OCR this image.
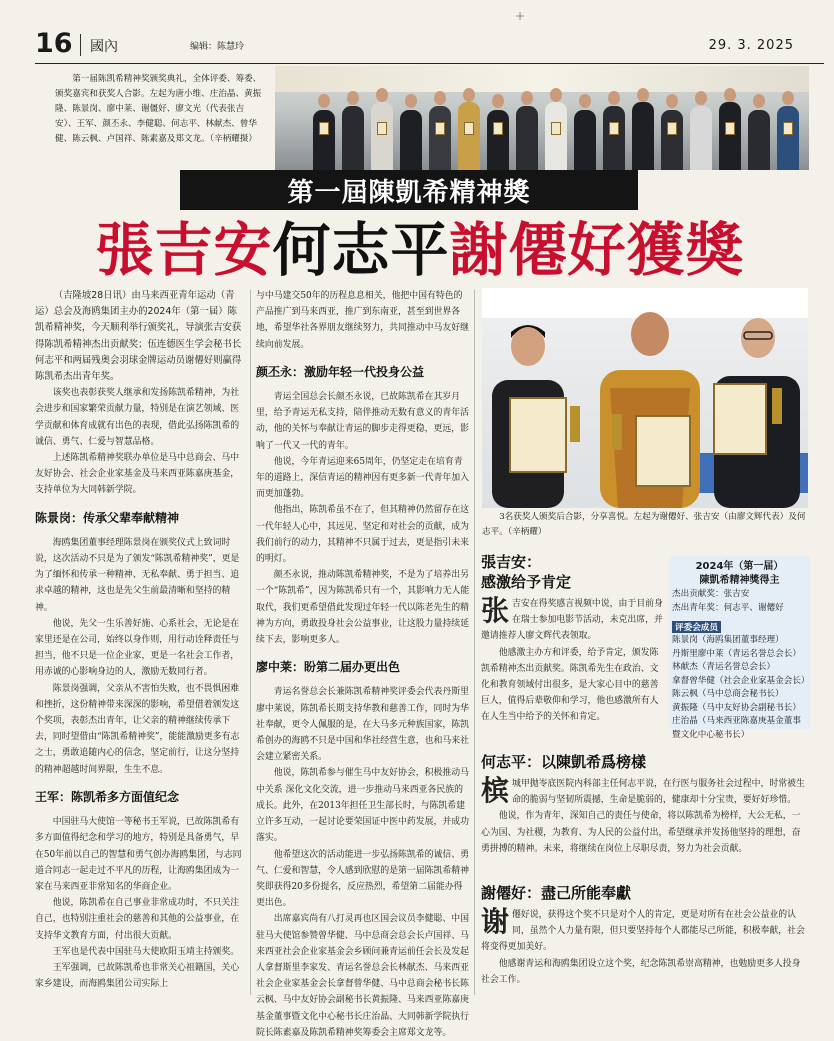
+
16 國內	编辑：陈慧玲	29. 3. 2025
第一届陈凯希精神奖颁奖典礼，全体评委、筹委、颁奖嘉宾和获奖人合影。左起为唐小维、庄治晶、黄振隆、陈景岗、廖中莱、谢僵好、廖文光（代表张吉安）、王军、颜丕永、李健聪、何志平、林献杰、曾华健、陈云枫、卢国祥、陈素嘉及郑文龙。（辛柄耀摄）
第一屆陳凱希精神獎
張吉安何志平謝僊好獲獎

（吉隆坡28日讯）由马来西亚青年运动（青运）总会及海鸥集团主办的2024年（第一届）陈凯希精神奖，今天顺利举行颁奖礼，导演张吉安获得陈凯希精神杰出贡献奖；伍连德医生学会秘书长何志平和两届残奥会羽球金牌运动员谢僊好则赢得陈凯希杰出青年奖。

该奖也表彰获奖人继承和发扬陈凯希精神，为社会进步和国家繁荣贡献力量，特别是在演艺领域、医学贡献和体育成就有出色的表现，借此弘扬陈凯希的诚信、勇气、仁爱与智慧品格。

上述陈凯希精神奖联办单位是马中总商会、马中友好协会、社会企业家基金及马来西亚陈嘉庚基金，支持单位为大同韩新学院。

陈景岗：传承父辈奉献精神

海鸥集团董事经理陈景岗在颁奖仪式上致词时说，这次活动不只是为了颁发“陈凯希精神奖”，更是为了缅怀和传承一种精神、无私奉献、勇于担当、追求卓越的精神，这也是先父生前最清晰和坚持的精神。

他说，先父一生乐善好施、心系社会，无论是在家里还是在公司，始终以身作则，用行动诠释责任与担当，他不只是一位企业家，更是一名社会工作者，用赤诚的心影响身边的人，激励无数同行者。

陈景岗强调，父亲从不害怕失败，也不畏惧困难和挫折，这份精神带来深深的影响，希望借着颁发这个奖项，表彰杰出青年，让父亲的精神继续传承下去，同时望借由“陈凯希精神奖”，能能激励更多有志之士，勇敢追随内心的信念，坚定前行，让这分坚持的精神超越时间界限，生生不息。

王军：陈凯希多方面值纪念

中国驻马大使馆一等秘书王军说，已故陈凯希有多方面值得纪念和学习的地方，特别是具备勇气，早在50年前以自己的智慧和勇气创办海鸥集团，与志同道合同志一起走过不平凡的历程，让海鸥集团成为一家在马来西亚非常知名的华商企业。

他说，陈凯希在自己事业非常成功时，不只关注自己，也特别注重社会的慈善和其他的公益事业，在支持华文教育方面，付出很大贡献。

王军也是代表中国驻马大使欧阳玉靖主持颁奖。

王军强调，已故陈凯希也非常关心祖籍国，关心家乡建设，而海鸥集团公司实际上

与中马建交50年的历程息息相关，他把中国有特色的产品推广到马来西亚，推广到东南亚，甚至到世界各地，希望华社各界朋友继续努力，共同推动中马友好继续向前发展。

颜丕永：激励年轻一代投身公益

青运全国总会长颜丕永说，已故陈凯希在其岁月里，给予青运无私支持，陪伴推动无数有意义的青年活动，他的关怀与奉献让青运的脚步走得更稳，更远，影响了一代又一代的青年。

他说，今年青运迎来65周年，仍坚定走在培育青年的道路上，深信青运的精神因有更多新一代青年加入而更加蓬勃。

他指出，陈凯希虽不在了，但其精神仍然留存在这一代年轻人心中，其远见、坚定和对社会的贡献，成为我们前行的动力，其精神不只属于过去，更是指引未来的明灯。

颜丕永说，推动陈凯希精神奖，不是为了培养出另一个“陈凯希”，因为陈凯希只有一个，其影响力无人能取代，我们更希望借此发现过年轻一代以陈老先生的精神为方向，勇敢投身社会公益事业，让这股力量持续延续下去，影响更多人。

廖中莱：盼第二届办更出色

青运名誉总会长兼陈凯希精神奖评委会代表丹斯里廖中莱说，陈凯希长期支持华教和慈善工作，同时为华社奉献，更令人佩服的是，在大马多元种族国家，陈凯希创办的海鸥不只是中国和华社经营生意，也和马来社会建立紧密关系。

他说，陈凯希参与催生马中友好协会，积极推动马中关系 深化文化交流，进一步推动马来西亚各民族的成长。此外，在2013年担任卫生部长时，与陈凯希建立许多互动，一起讨论要荣国证中医中药发展，并成功落实。

他希望这次的活动能进一步弘扬陈凯希的诚信、勇气、仁爱和智慧，令人感到欣慰的是第一届陈凯希精神奖即获得20多份提名，反应热烈，希望第二届能办得更出色。

出席嘉宾尚有八打灵再也区国会议员李健聪、中国驻马大使馆参赞曾华健、马中总商会总会长卢国祥、马来西亚社会企业家基金会乡顾问兼青运前任会长及发起人拿督斯里李家发、青运名誉总会长林献杰、马来西亚社会企业家基金会长拿督曾华健、马中总商会秘书长陈云枫、马中友好协会副秘书长黄振隆、马来西亚陈嘉庚基金董事暨文化中心秘书长庄治晶、大同韩新学院执行院长陈素嘉及陈凯希精神奖筹委会主席郑文龙等。

3名获奖人颁奖后合影，分享喜悦。左起为谢僊好、张吉安（由廖文辉代表）及何志平。（辛柄耀）
張吉安：
感激给予肯定
张 吉安在得奖感言视频中说，由于目前身在瑞士参加电影节活动，未克出席，并邀请推荐人廖文辉代表领取。

他感激主办方和评委，给予肯定，颁发陈凯希精神杰出贡献奖。陈凯希先生在政治、文化和教育领域付出很多，是大家心目中的慈善巨人，值得后辈敬仰和学习，他也感激所有人在人生当中给予的关怀和肯定。

2024年（第一届）
陳凱希精神獎得主
杰出贡献奖：张吉安
杰出青年奖：何志平、谢僊好
评委会成员
陈景岗（海鸥集团董事经理）
丹斯里廖中莱（青运名誉总会长）
林献杰（青运名誉总会长）
拿督曾华健（社会企业家基金会长）
陈云枫（马中总商会秘书长）
黄振隆（马中友好协会副秘书长）
庄治晶（马来西亚陈嘉庚基金董事暨文化中心秘书长）
何志平：以陳凱希爲榜樣
槟 城甲抛岺底医院内科部主任何志平说，在行医与服务社会过程中，时常被生命的脆弱与坚韧所震撼，生命是脆弱的，健康却十分宝贵，要好好珍惜。

他说，作为青年，深知自己的责任与使命，将以陈凯希为榜样，大公无私，一心为国、为社稷，为教育、为人民的公益付出，希望继承并发扬他坚持的理想，奋勇拼搏的精神。未来，将继续在岗位上尽职尽责，努力为社会贡献。

謝僊好：盡己所能奉獻
谢 僊好说，获得这个奖不只是对个人的肯定，更是对所有在社会公益业的认同，虽然个人力量有限，但只要坚持每个人都能尽己所能，积极奉献，社会将变得更加美好。

他感谢青运和海鸥集团设立这个奖，纪念陈凯希崇高精神，也勉励更多人投身社会工作。
